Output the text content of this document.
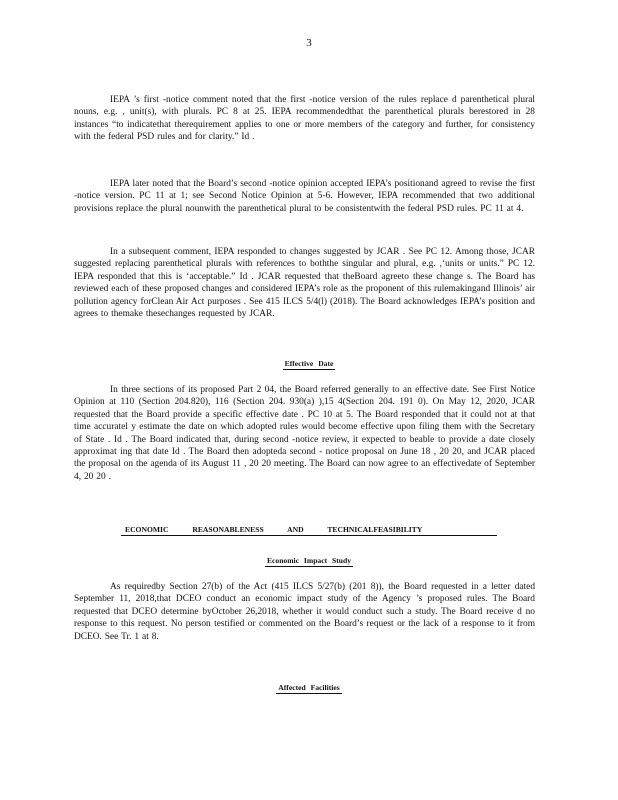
3

IEPA ’s first -notice comment noted that the first -notice version of the rules replace d parenthetical plural nouns, e.g. , unit(s), with plurals. PC 8 at 25. IEPA recommendedthat the parenthetical plurals berestored in 28 instances “to indicatethat therequirement applies to one or more members of the category and further, for consistency with the federal PSD rules and for clarity.” Id .

IEPA later noted that the Board’s second -notice opinion accepted IEPA’s positionand agreed to revise the first -notice version. PC 11 at 1; see Second Notice Opinion at 5-6. However, IEPA recommended that two additional provisions replace the plural nounwith the parenthetical plural to be consistentwith the federal PSD rules. PC 11 at 4.

In a subsequent comment, IEPA responded to changes suggested by JCAR . See PC 12. Among those, JCAR suggested replacing parenthetical plurals with references to boththe singular and plural, e.g. ,‘units or units.” PC 12. IEPA responded that this is ‘acceptable.” Id . JCAR requested that theBoard agreeto these change s. The Board has reviewed each of these proposed changes and considered IEPA’s role as the proponent of this rulemakingand Illinois’ air pollution agency forClean Air Act purposes . See 415 ILCS 5/4(l) (2018). The Board acknowledges IEPA’s position and agrees to themake thesechanges requested by JCAR.

Effective Date

In three sections of its proposed Part 2 04, the Board referred generally to an effective date. See First Notice Opinion at 110 (Section 204.820), 116 (Section 204. 930(a) ),15 4(Section 204. 191 0). On May 12, 2020, JCAR requested that the Board provide a specific effective date . PC 10 at 5. The Board responded that it could not at that time accuratel y estimate the date on which adopted rules would become effective upon filing them with the Secretary of State . Id . The Board indicated that, during second -notice review, it expected to beable to provide a date closely approximat ing that date Id . The Board then adopteda second - notice proposal on June 18 , 20 20, and JCAR placed the proposal on the agenda of its August 11 , 20 20 meeting. The Board can now agree to an effectivedate of September 4, 20 20 .

ECONOMIC REASONABLENESS AND TECHNICALFEASIBILITY
Economic Impact Study

As requiredby Section 27(b) of the Act (415 ILCS 5/27(b) (201 8)), the Board requested in a letter dated September 11, 2018,that DCEO conduct an economic impact study of the Agency ’s proposed rules. The Board requested that DCEO determine byOctober 26,2018, whether it would conduct such a study. The Board receive d no response to this request. No person testified or commented on the Board’s request or the lack of a response to it from DCEO. See Tr. 1 at 8.

Affected Facilities
